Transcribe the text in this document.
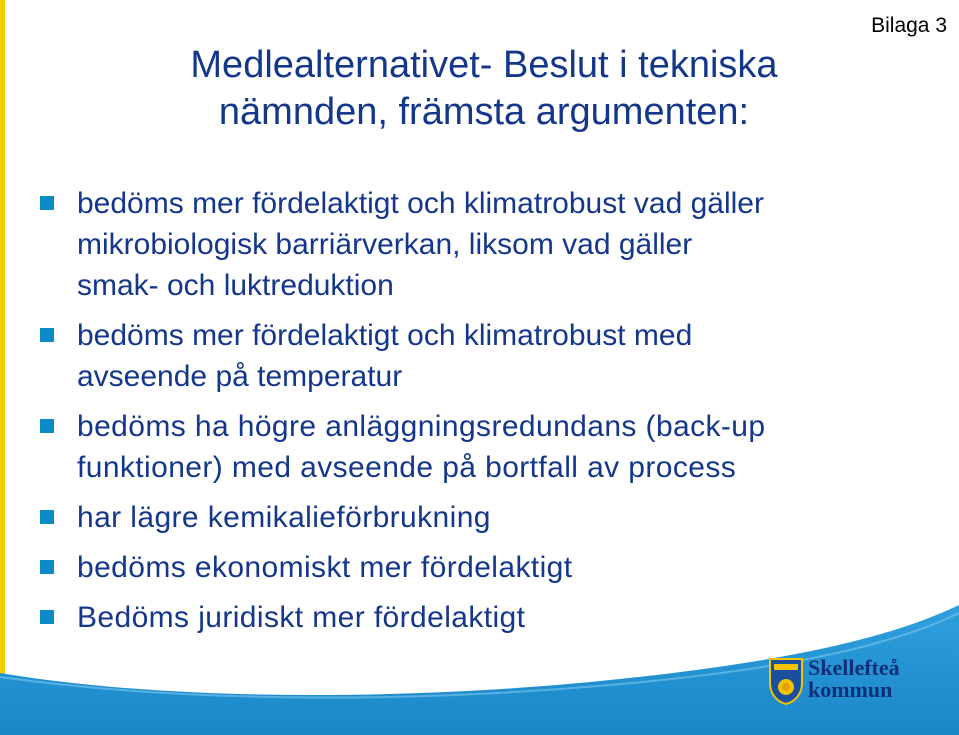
Bilaga 3
Medlealternativet- Beslut i tekniska
nämnden, främsta argumenten:
bedöms mer fördelaktigt och klimatrobust vad gäller
mikrobiologisk barriärverkan, liksom vad gäller
smak- och luktreduktion
bedöms mer fördelaktigt och klimatrobust med
avseende på temperatur
bedöms ha högre anläggningsredundans (back-up
funktioner) med avseende på bortfall av process
har lägre kemikalieförbrukning
bedöms ekonomiskt mer fördelaktigt
Bedöms juridiskt mer fördelaktigt
Skellefteå
kommun
